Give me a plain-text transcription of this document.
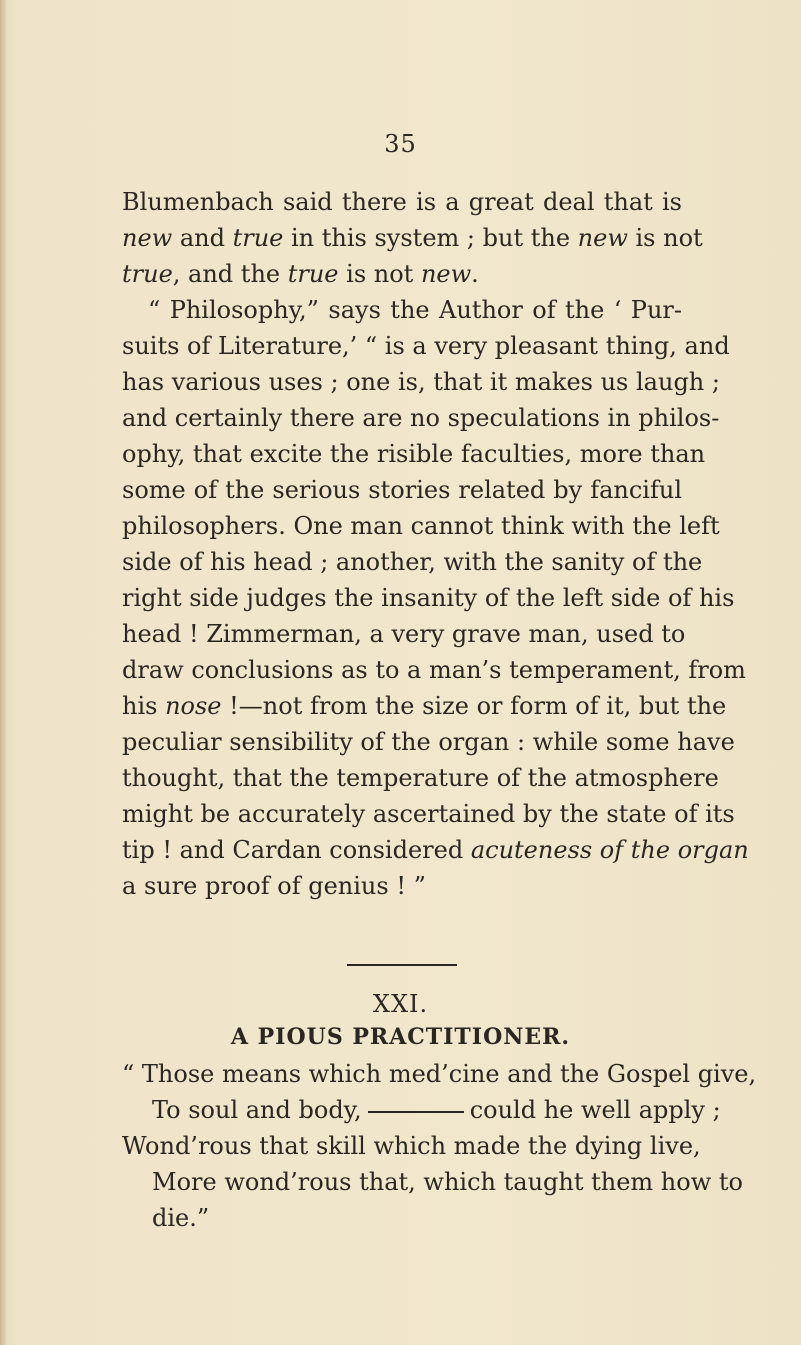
35
Blumenbach said there is a great deal that is
new and true in this system ; but the new is not
true, and the true is not new.
“ Philosophy,” says the Author of the ‘ Pur-
suits of Literature,’ “ is a very pleasant thing, and
has various uses ; one is, that it makes us laugh ;
and certainly there are no speculations in philos-
ophy, that excite the risible faculties, more than
some of the serious stories related by fanciful
philosophers. One man cannot think with the left
side of his head ; another, with the sanity of the
right side judges the insanity of the left side of his
head ! Zimmerman, a very grave man, used to
draw conclusions as to a man’s temperament, from
his nose !—not from the size or form of it, but the
peculiar sensibility of the organ : while some have
thought, that the temperature of the atmosphere
might be accurately ascertained by the state of its
tip ! and Cardan considered acuteness of the organ
a sure proof of genius ! ”
XXI.
A PIOUS PRACTITIONER.
“ Those means which med’cine and the Gospel give,
To soul and body,	could he well apply ;
Wond’rous that skill which made the dying live,
More wond’rous that, which taught them how to
die.”
